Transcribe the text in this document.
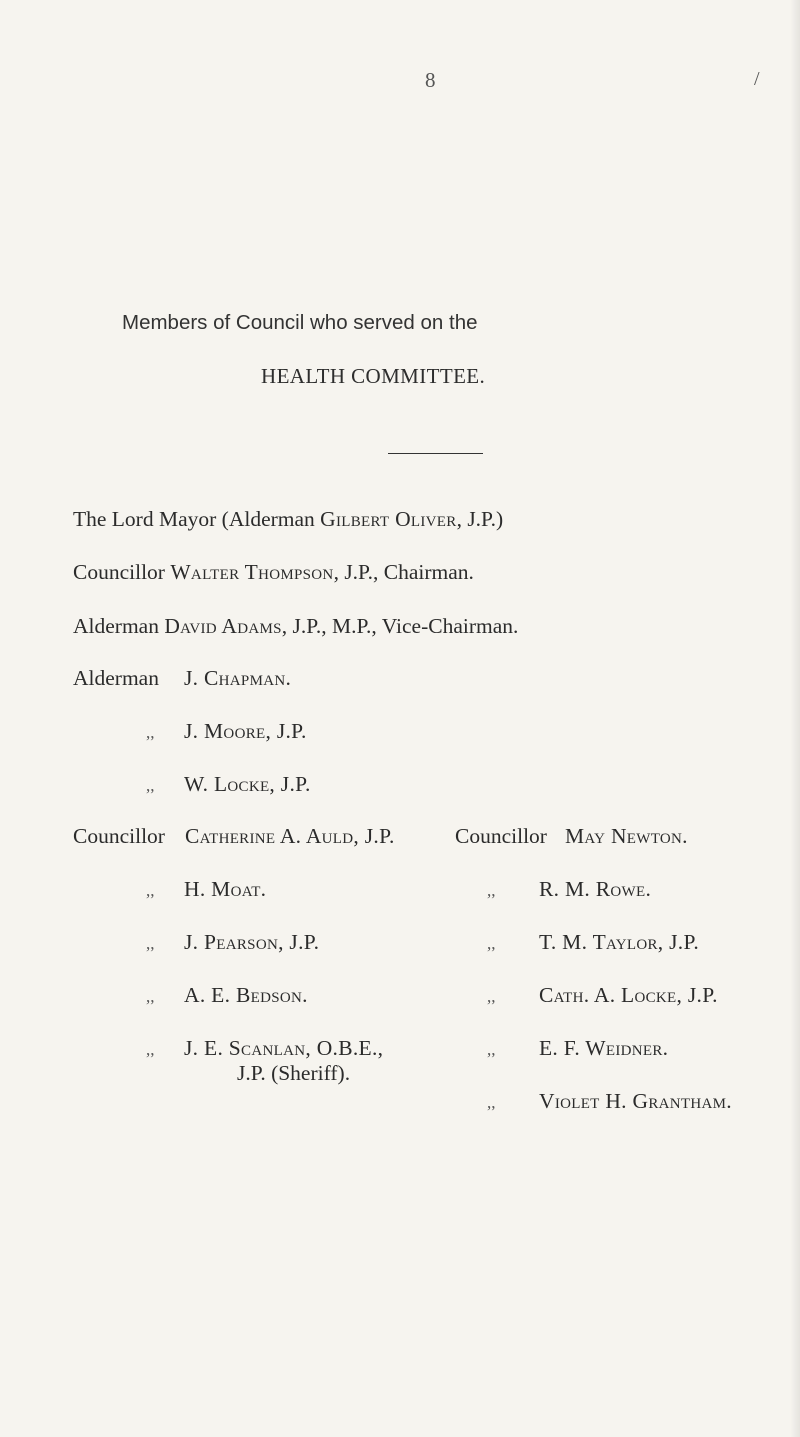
8	/
Members of Council who served on the
HEALTH COMMITTEE.
The Lord Mayor (Alderman Gilbert Oliver, J.P.)
Councillor Walter Thompson, J.P., Chairman.
Alderman David Adams, J.P., M.P., Vice-Chairman.
Alderman J. Chapman.
,, J. Moore, J.P.
,, W. Locke, J.P.
Councillor Catherine A. Auld, J.P.
,, H. Moat.
,, J. Pearson, J.P.
,, A. E. Bedson.
,, J. E. Scanlan, O.B.E.,
J.P. (Sheriff).
Councillor May Newton.
,, R. M. Rowe.
,, T. M. Taylor, J.P.
,, Cath. A. Locke, J.P.
,, E. F. Weidner.
,, Violet H. Grantham.
